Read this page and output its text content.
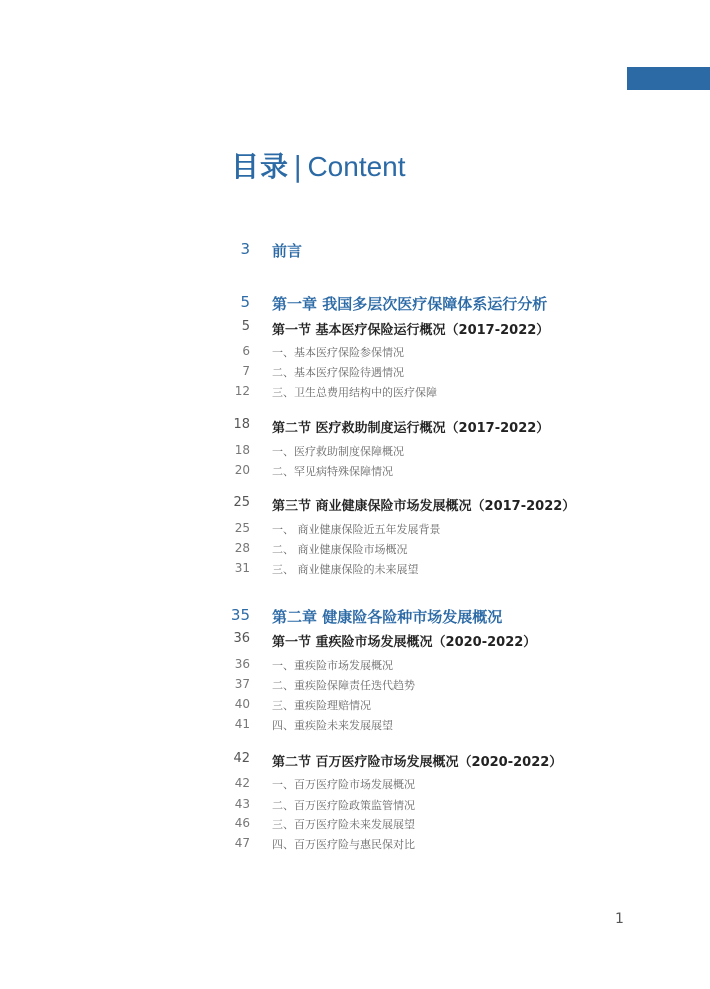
目录 | Content
3 前言
5 第一章 我国多层次医疗保障体系运行分析
5 第一节 基本医疗保险运行概况（2017-2022）
6 一、基本医疗保险参保情况
7 二、基本医疗保险待遇情况
12 三、卫生总费用结构中的医疗保障
18 第二节 医疗救助制度运行概况（2017-2022）
18 一、医疗救助制度保障概况
20 二、罕见病特殊保障情况
25 第三节 商业健康保险市场发展概况（2017-2022）
25 一、 商业健康保险近五年发展背景
28 二、 商业健康保险市场概况
31 三、 商业健康保险的未来展望
35 第二章 健康险各险种市场发展概况
36 第一节 重疾险市场发展概况（2020-2022）
36 一、重疾险市场发展概况
37 二、重疾险保障责任迭代趋势
40 三、重疾险理赔情况
41 四、重疾险未来发展展望
42 第二节 百万医疗险市场发展概况（2020-2022）
42 一、百万医疗险市场发展概况
43 二、百万医疗险政策监管情况
46 三、百万医疗险未来发展展望
47 四、百万医疗险与惠民保对比
1
